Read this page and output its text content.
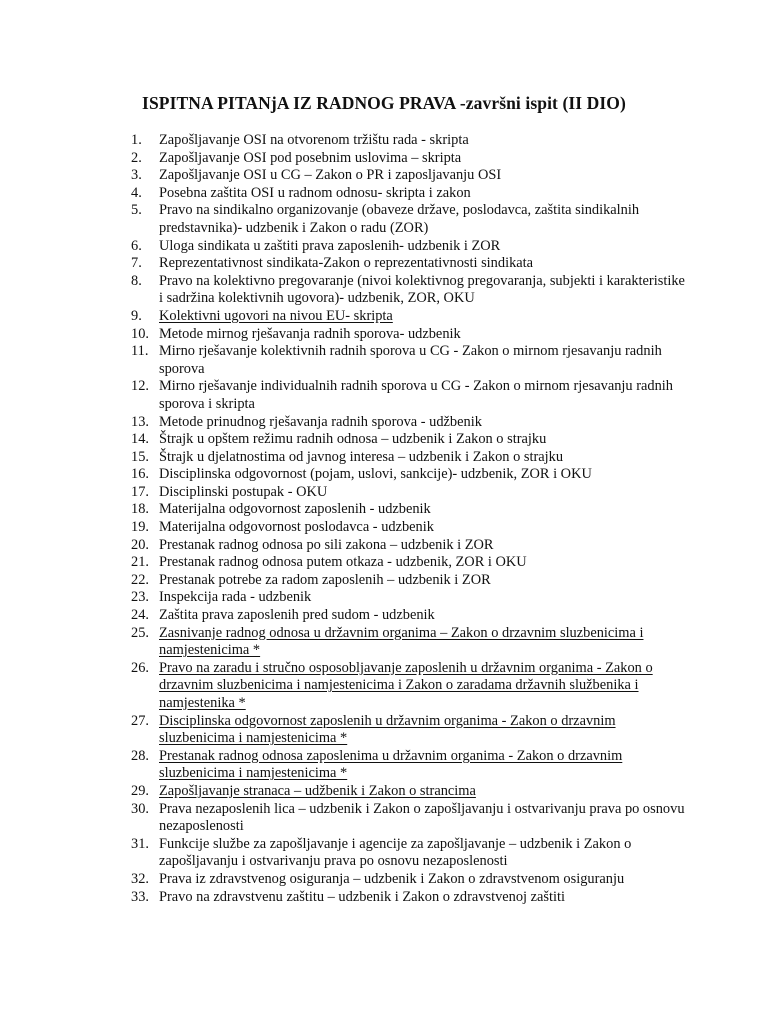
ISPITNA PITANjA IZ RADNOG PRAVA -završni ispit (II DIO)
1.	Zapošljavanje OSI na otvorenom tržištu rada - skripta
2.	Zapošljavanje OSI pod posebnim uslovima – skripta
3.	Zapošljavanje OSI u CG – Zakon o PR i zaposljavanju OSI
4.	Posebna zaštita OSI u radnom odnosu- skripta i zakon
5.	Pravo na sindikalno organizovanje (obaveze države, poslodavca, zaštita sindikalnih predstavnika)- udzbenik i Zakon o radu (ZOR)
6.	Uloga sindikata u zaštiti prava zaposlenih- udzbenik i ZOR
7.	Reprezentativnost sindikata-Zakon o reprezentativnosti sindikata
8.	Pravo na kolektivno pregovaranje (nivoi kolektivnog pregovaranja, subjekti i karakteristike i sadržina kolektivnih ugovora)- udzbenik, ZOR, OKU
9.	Kolektivni ugovori na nivou EU- skripta
10. Metode mirnog rješavanja radnih sporova- udzbenik
11. Mirno rješavanje kolektivnih radnih sporova u CG - Zakon o mirnom rjesavanju radnih sporova
12. Mirno rješavanje individualnih radnih sporova u CG - Zakon o mirnom rjesavanju radnih sporova i skripta
13. Metode prinudnog rješavanja radnih sporova - udžbenik
14. Štrajk u opštem režimu radnih odnosa – udzbenik i Zakon o strajku
15. Štrajk u djelatnostima od javnog interesa – udzbenik i Zakon o strajku
16. Disciplinska odgovornost (pojam, uslovi, sankcije)- udzbenik, ZOR i OKU
17. Disciplinski postupak - OKU
18. Materijalna odgovornost zaposlenih - udzbenik
19. Materijalna odgovornost poslodavca - udzbenik
20. Prestanak radnog odnosa po sili zakona – udzbenik i ZOR
21. Prestanak radnog odnosa putem otkaza - udzbenik, ZOR i OKU
22. Prestanak potrebe za radom zaposlenih – udzbenik i ZOR
23. Inspekcija rada - udzbenik
24. Zaštita prava zaposlenih pred sudom - udzbenik
25. Zasnivanje radnog odnosa u državnim organima – Zakon o drzavnim sluzbenicima i namjestenicima *
26. Pravo na zaradu i stručno osposobljavanje zaposlenih u državnim organima - Zakon o drzavnim sluzbenicima i namjestenicima i Zakon o zaradama državnih službenika i namjestenika *
27. Disciplinska odgovornost zaposlenih u državnim organima - Zakon o drzavnim sluzbenicima i namjestenicima *
28. Prestanak radnog odnosa zaposlenima u državnim organima - Zakon o drzavnim sluzbenicima i namjestenicima *
29. Zapošljavanje stranaca – udžbenik i Zakon o strancima
30. Prava nezaposlenih lica – udzbenik i Zakon o zapošljavanju i ostvarivanju prava po osnovu nezaposlenosti
31. Funkcije službe za zapošljavanje i agencije za zapošljavanje – udzbenik i Zakon o zapošljavanju i ostvarivanju prava po osnovu nezaposlenosti
32. Prava iz zdravstvenog osiguranja – udzbenik i Zakon o zdravstvenom osiguranju
33. Pravo na zdravstvenu zaštitu – udzbenik i Zakon o zdravstvenoj zaštiti
